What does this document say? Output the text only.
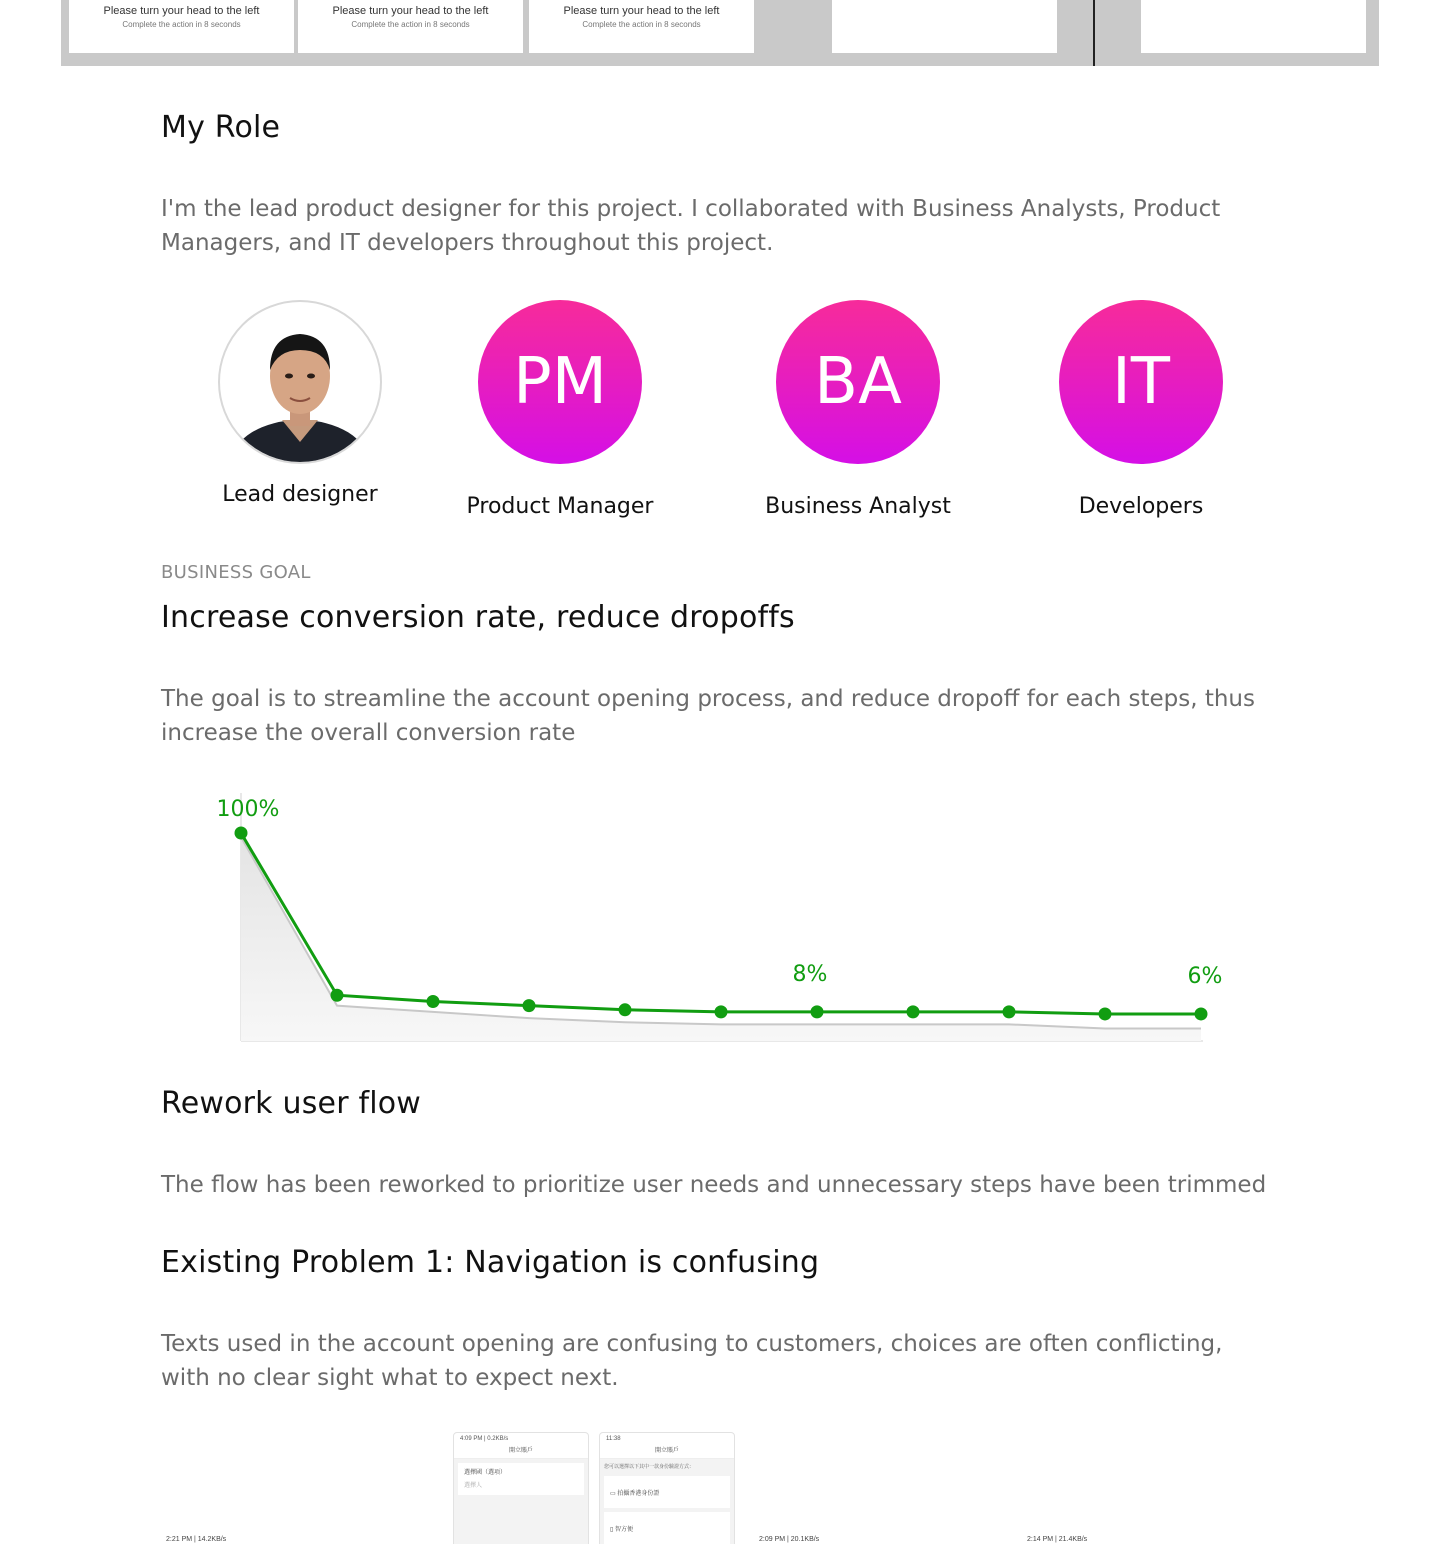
Please turn your head to the left
Complete the action in 8 seconds
Please turn your head to the left
Complete the action in 8 seconds
Please turn your head to the left
Complete the action in 8 seconds
My Role
I'm the lead product designer for this project. I collaborated with Business Analysts, Product Managers, and IT developers throughout this project.
Lead designer
PM
Product Manager
BA
Business Analyst
IT
Developers
BUSINESS GOAL
Increase conversion rate, reduce dropoffs
The goal is to streamline the account opening process, and reduce dropoff for each steps, thus increase the overall conversion rate
100%
8%	6%
Rework user flow
The flow has been reworked to prioritize user needs and unnecessary steps have been trimmed
Existing Problem 1: Navigation is confusing
Texts used in the account opening are confusing to customers, choices are often conflicting, with no clear sight what to expect next.
4:09 PM | 0.2KB/s
開立賬戶
選擇國（選項）
選擇人
11:38
開立賬戶
您可以選擇以下其中一款身份驗證方式：
▭ 拍攝香港身份證
▯ 智方便
2:21 PM | 14.2KB/s	2:09 PM | 20.1KB/s	2:14 PM | 21.4KB/s
